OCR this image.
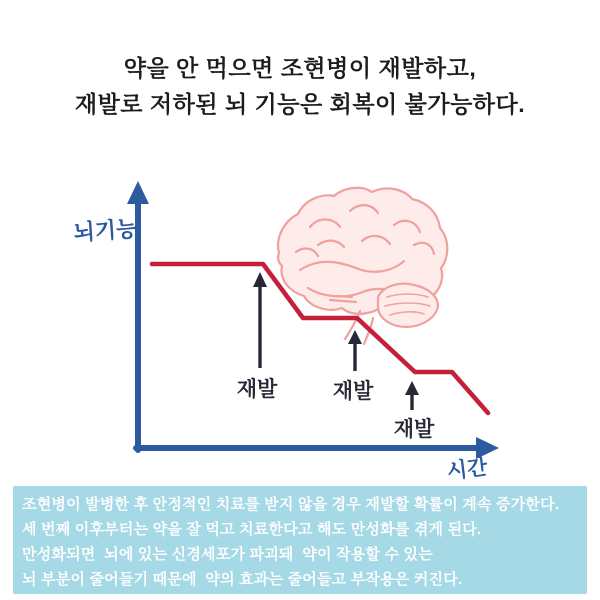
약을 안 먹으면 조현병이 재발하고,
재발로 저하된 뇌 기능은 회복이 불가능하다.
뇌기능
시간
재발	재발
재발
조현병이 발병한 후 안정적인 치료를 받지 않을 경우 재발할 확률이 계속 증가한다.
세 번째 이후부터는 약을 잘 먹고 치료한다고 해도 만성화를 겪게 된다.
만성화되면  뇌에 있는 신경세포가 파괴돼  약이 작용할 수 있는
뇌 부분이 줄어들기 때문에  약의 효과는 줄어들고 부작용은 커진다.
